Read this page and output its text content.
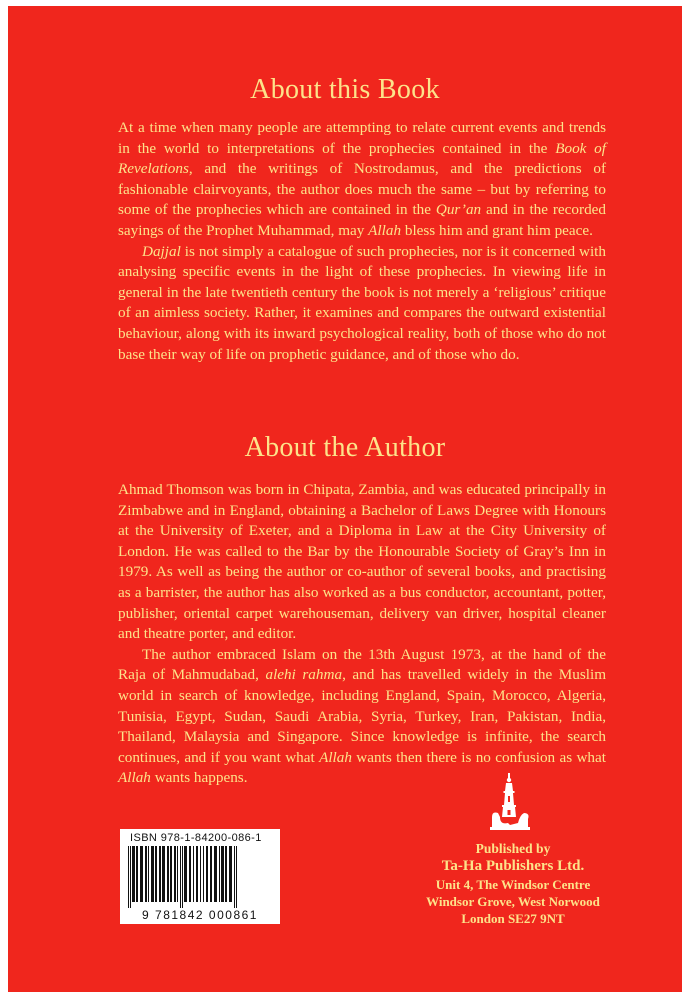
About this Book

At a time when many people are attempting to relate current events and trends in the world to interpretations of the prophecies contained in the Book of Revelations, and the writings of Nostrodamus, and the predictions of fashionable clairvoyants, the author does much the same – but by referring to some of the prophecies which are contained in the Qur’an and in the recorded sayings of the Prophet Muhammad, may Allah bless him and grant him peace.

Dajjal is not simply a catalogue of such prophecies, nor is it concerned with analysing specific events in the light of these prophecies. In viewing life in general in the late twentieth century the book is not merely a ‘religious’ critique of an aimless society. Rather, it examines and compares the outward existential behaviour, along with its inward psychological reality, both of those who do not base their way of life on prophetic guidance, and of those who do.

About the Author

Ahmad Thomson was born in Chipata, Zambia, and was educated principally in Zimbabwe and in England, obtaining a Bachelor of Laws Degree with Honours at the University of Exeter, and a Diploma in Law at the City University of London. He was called to the Bar by the Honourable Society of Gray’s Inn in 1979. As well as being the author or co-author of several books, and practising as a barrister, the author has also worked as a bus conductor, accountant, potter, publisher, oriental carpet warehouseman, delivery van driver, hospital cleaner and theatre porter, and editor.

The author embraced Islam on the 13th August 1973, at the hand of the Raja of Mahmudabad, alehi rahma, and has travelled widely in the Muslim world in search of knowledge, including England, Spain, Morocco, Algeria, Tunisia, Egypt, Sudan, Saudi Arabia, Syria, Turkey, Iran, Pakistan, India, Thailand, Malaysia and Singapore. Since knowledge is infinite, the search continues, and if you want what Allah wants then there is no confusion as what Allah wants happens.

ISBN 978-1-84200-086-1
9 781842 000861
Published by
Ta-Ha Publishers Ltd.
Unit 4, The Windsor Centre
Windsor Grove, West Norwood
London SE27 9NT
